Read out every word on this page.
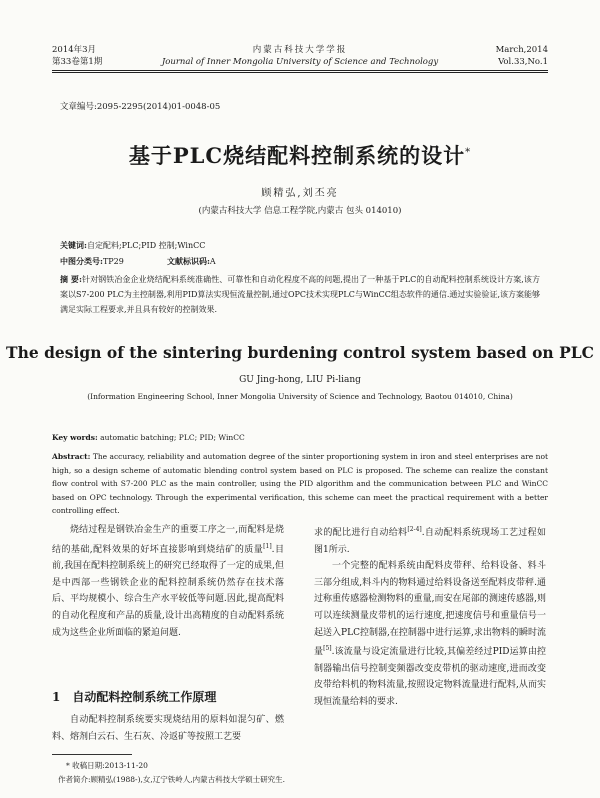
2014年3月
第33卷第1期
内蒙古科技大学学报
Journal of Inner Mongolia University of Science and Technology
March,2014
Vol.33,No.1
文章编号:2095-2295(2014)01-0048-05
基于PLC烧结配料控制系统的设计*
顾精弘,刘丕亮
(内蒙古科技大学 信息工程学院,内蒙古 包头 014010)
关键词:自定配料;PLC;PID 控制;WinCC
中图分类号:TP29	文献标识码:A
摘 要:针对钢铁冶金企业烧结配料系统准确性、可靠性和自动化程度不高的问题,提出了一种基于PLC的自动配料控制系统设计方案,该方案以S7-200 PLC为主控制器,利用PID算法实现恒流量控制,通过OPC技术实现PLC与WinCC组态软件的通信.通过实验验证,该方案能够满足实际工程要求,并且具有较好的控制效果.
The design of the sintering burdening control system based on PLC
GU Jing-hong, LIU Pi-liang
(Information Engineering School, Inner Mongolia University of Science and Technology, Baotou 014010, China)
Key words: automatic batching; PLC; PID; WinCC
Abstract: The accuracy, reliability and automation degree of the sinter proportioning system in iron and steel enterprises are not high, so a design scheme of automatic blending control system based on PLC is proposed. The scheme can realize the constant flow control with S7-200 PLC as the main controller, using the PID algorithm and the communication between PLC and WinCC based on OPC technology. Through the experimental verification, this scheme can meet the practical requirement with a better controlling effect.

烧结过程是钢铁冶金生产的重要工序之一,而配料是烧结的基础,配料效果的好坏直接影响到烧结矿的质量[1].目前,我国在配料控制系统上的研究已经取得了一定的成果,但是中西部一些钢铁企业的配料控制系统仍然存在技术落后、平均规模小、综合生产水平较低等问题.因此,提高配料的自动化程度和产品的质量,设计出高精度的自动配料系统成为这些企业所面临的紧迫问题.

1 自动配料控制系统工作原理

自动配料控制系统要实现烧结用的原料如混匀矿、燃料、熔剂白云石、生石灰、冷返矿等按照工艺要

求的配比进行自动给料[2-4].自动配料系统现场工艺过程如图1所示.

一个完整的配料系统由配料皮带秤、给料设备、料斗三部分组成,料斗内的物料通过给料设备送至配料皮带秤.通过称重传感器检测物料的重量,而安在尾部的测速传感器,则可以连续测量皮带机的运行速度,把速度信号和重量信号一起送入PLC控制器,在控制器中进行运算,求出物料的瞬时流量[5].该流量与设定流量进行比较,其偏差经过PID运算由控制器输出信号控制变频器改变皮带机的驱动速度,进而改变皮带给料机的物料流量,按照设定物料流量进行配料,从而实现恒流量给料的要求.

* 收稿日期:2013-11-20
作者简介:顾精弘(1988-),女,辽宁铁岭人,内蒙古科技大学硕士研究生.
